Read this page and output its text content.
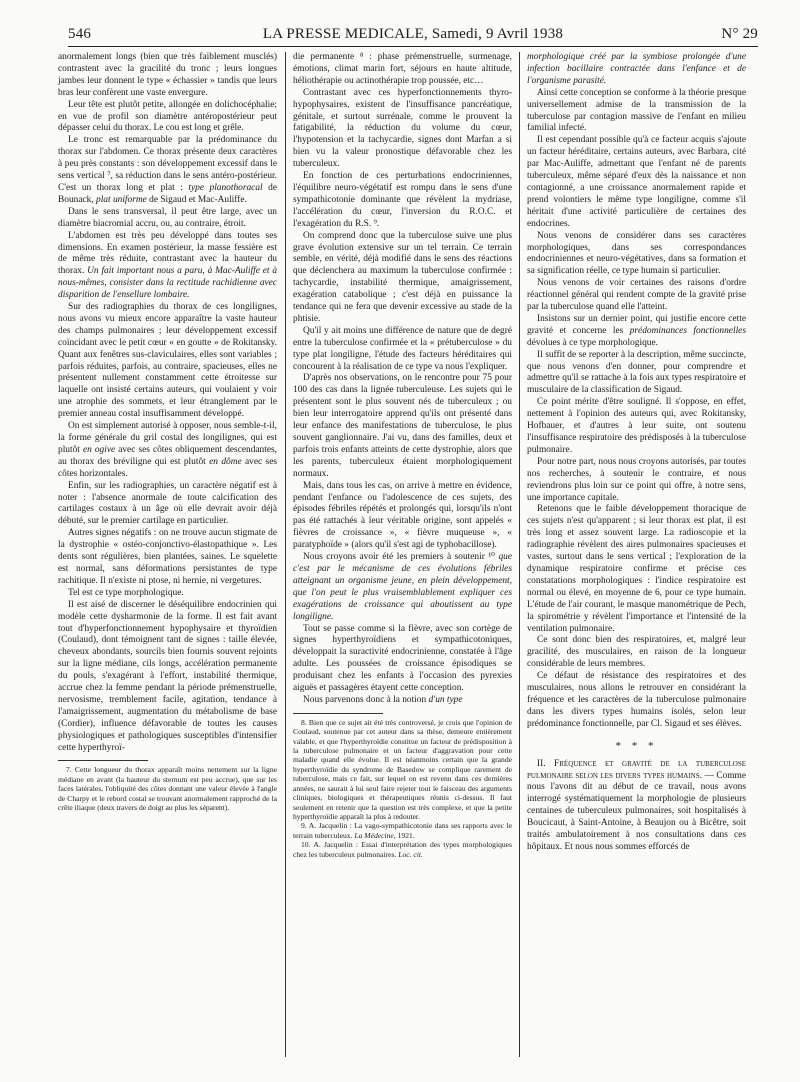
546	LA PRESSE MEDICALE, Samedi, 9 Avril 1938	N° 29

anormalement longs (bien que très faiblement musclés) contrastent avec la gracilité du tronc ; leurs longues jambes leur donnent le type « échassier » tandis que leurs bras leur confèrent une vaste envergure.

Leur tête est plutôt petite, allongée en dolichocéphalie; en vue de profil son diamètre antéropostérieur peut dépasser celui du thorax. Le cou est long et grêle.

Le tronc est remarquable par la prédominance du thorax sur l'abdomen. Ce thorax présente deux caractères à peu près constants : son développement excessif dans le sens vertical ⁷, sa réduction dans le sens antéro-postérieur. C'est un thorax long et plat : type planothoracal de Bounack, plat uniforme de Sigaud et Mac-Auliffe.

Dans le sens transversal, il peut être large, avec un diamètre biacromial accru, ou, au contraire, étroit.

L'abdomen est très peu développé dans toutes ses dimensions. En examen postérieur, la masse fessière est de même très réduite, contrastant avec la hauteur du thorax. Un fait important nous a paru, à Mac-Auliffe et à nous-mêmes, consister dans la rectitude rachidienne avec disparition de l'ensellure lombaire.

Sur des radiographies du thorax de ces longilignes, nous avons vu mieux encore apparaître la vaste hauteur des champs pulmonaires ; leur développement excessif coïncidant avec le petit cœur « en goutte » de Rokitansky. Quant aux fenêtres sus-claviculaires, elles sont variables ; parfois réduites, parfois, au contraire, spacieuses, elles ne présentent nullement constamment cette étroitesse sur laquelle ont insisté certains auteurs, qui voulaient y voir une atrophie des sommets, et leur étranglement par le premier anneau costal insuffisamment développé.

On est simplement autorisé à opposer, nous semble-t-il, la forme générale du gril costal des longilignes, qui est plutôt en ogive avec ses côtes obliquement descendantes, au thorax des bréviligne qui est plutôt en dôme avec ses côtes horizontales.

Enfin, sur les radiographies, un caractère négatif est à noter : l'absence anormale de toute calcification des cartilages costaux à un âge où elle devrait avoir déjà débuté, sur le premier cartilage en particulier.

Autres signes négatifs : on ne trouve aucun stigmate de la dystrophie « ostéo-conjonctivo-élastopathique ». Les dents sont régulières, bien plantées, saines. Le squelette est normal, sans déformations persistantes de type rachitique. Il n'existe ni ptose, ni hernie, ni vergetures.

Tel est ce type morphologique.

Il est aisé de discerner le déséquilibre endocrinien qui modèle cette dysharmonie de la forme. Il est fait avant tout d'hyperfonctionnement hypophysaire et thyroïdien (Coulaud), dont témoignent tant de signes : taille élevée, cheveux abondants, sourcils bien fournis souvent rejoints sur la ligne médiane, cils longs, accélération permanente du pouls, s'exagérant à l'effort, instabilité thermique, accrue chez la femme pendant la période prémenstruelle, nervosisme, tremblement facile, agitation, tendance à l'amaigrissement, augmentation du métabolisme de base (Cordier), influence défavorable de toutes les causes physiologiques et pathologiques susceptibles d'intensifier cette hyperthyroï-

7. Cette longueur du thorax apparaît moins nettement sur la ligne médiane en avant (la hauteur du sternum est peu accrue), que sur les faces latérales, l'obliquité des côtes donnant une valeur élevée à l'angle de Charpy et le rebord costal se trouvant anormalement rapproché de la crête iliaque (deux travers de doigt au plus les séparent).

die permanente ⁸ : phase prémenstruelle, surmenage, émotions, climat marin fort, séjours en haute altitude, héliothérapie ou actinothérapie trop poussée, etc…

Contrastant avec ces hyperfonctionnements thyro-hypophysaires, existent de l'insuffisance pancréatique, génitale, et surtout surrénale, comme le prouvent la fatigabilité, la réduction du volume du cœur, l'hypotension et la tachycardie, signes dont Marfan a si bien vu la valeur pronostique défavorable chez les tuberculeux.

En fonction de ces perturbations endocriniennes, l'équilibre neuro-végétatif est rompu dans le sens d'une sympathicotonie dominante que révèlent la mydriase, l'accélération du cœur, l'inversion du R.O.C. et l'exagération du R.S. ⁹.

On comprend donc que la tuberculose suive une plus grave évolution extensive sur un tel terrain. Ce terrain semble, en vérité, déjà modifié dans le sens des réactions que déclenchera au maximum la tuberculose confirmée : tachycardie, instabilité thermique, amaigrissement, exagération catabolique ; c'est déjà en puissance la tendance qui ne fera que devenir excessive au stade de la phtisie.

Qu'il y ait moins une différence de nature que de degré entre la tuberculose confirmée et la « prétuberculose » du type plat longiligne, l'étude des facteurs héréditaires qui concourent à la réalisation de ce type va nous l'expliquer.

D'après nos observations, on le rencontre pour 75 pour 100 des cas dans la lignée tuberculeuse. Les sujets qui le présentent sont le plus souvent nés de tuberculeux ; ou bien leur interrogatoire apprend qu'ils ont présenté dans leur enfance des manifestations de tuberculose, le plus souvent ganglionnaire. J'ai vu, dans des familles, deux et parfois trois enfants atteints de cette dystrophie, alors que les parents, tuberculeux étaient morphologiquement normaux.

Mais, dans tous les cas, on arrive à mettre en évidence, pendant l'enfance ou l'adolescence de ces sujets, des épisodes fébriles répétés et prolongés qui, lorsqu'ils n'ont pas été rattachés à leur véritable origine, sont appelés « fièvres de croissance », « fièvre muqueuse », « paratyphoïde » (alors qu'il s'est agi de typhobacillose).

Nous croyons avoir été les premiers à soutenir ¹⁰ que c'est par le mécanisme de ces évolutions fébriles atteignant un organisme jeune, en plein développement, que l'on peut le plus vraisemblablement expliquer ces exagérations de croissance qui aboutissent au type longiligne.

Tout se passe comme si la fièvre, avec son cortège de signes hyperthyroïdiens et sympathicotoniques, développait la suractivité endocrinienne, constatée à l'âge adulte. Les poussées de croissance épisodiques se produisant chez les enfants à l'occasion des pyrexies aiguës et passagères étayent cette conception.

Nous parvenons donc à la notion d'un type

8. Bien que ce sujet ait été très controversé, je crois que l'opinion de Coulaud, soutenue par cet auteur dans sa thèse, demeure entièrement valable, et que l'hyperthyroïdie constitue un facteur de prédisposition à la tuberculose pulmonaire et un facteur d'aggravation pour cette maladie quand elle évolue. Il est néanmoins certain que la grande hyperthyroïdie du syndrome de Basedow se complique rarement de tuberculose, mais ce fait, sur lequel on est revenu dans ces dernières années, ne saurait à lui seul faire rejeter tout le faisceau des arguments cliniques, biologiques et thérapeutiques réunis ci-dessus. Il faut seulement en retenir que la question est très complexe, et que la petite hyperthyroïdie apparaît la plus à redouter.

9. A. Jacquelin : La vago-sympathicotonie dans ses rapports avec le terrain tuberculeux. La Médecine, 1921.

10. A. Jacquelin : Essai d'interprétation des types morphologiques chez les tuberculeux pulmonaires. Loc. cit.

morphologique créé par la symbiose prolongée d'une infection bacillaire contractée dans l'enfance et de l'organisme parasité.

Ainsi cette conception se conforme à la théorie presque universellement admise de la transmission de la tuberculose par contagion massive de l'enfant en milieu familial infecté.

Il est cependant possible qu'à ce facteur acquis s'ajoute un facteur héréditaire, certains auteurs, avec Barbara, cité par Mac-Auliffe, admettant que l'enfant né de parents tuberculeux, même séparé d'eux dès la naissance et non contagionné, a une croissance anormalement rapide et prend volontiers le même type longiligne, comme s'il héritait d'une activité particulière de certaines des endocrines.

Nous venons de considérer dans ses caractères morphologiques, dans ses correspondances endocriniennes et neuro-végétatives, dans sa formation et sa signification réelle, ce type humain si particulier.

Nous venons de voir certaines des raisons d'ordre réactionnel général qui rendent compte de la gravité prise par la tuberculose quand elle l'atteint.

Insistons sur un dernier point, qui justifie encore cette gravité et concerne les prédominances fonctionnelles dévolues à ce type morphologique.

Il suffit de se reporter à la description, même succincte, que nous venons d'en donner, pour comprendre et admettre qu'il se rattache à la fois aux types respiratoire et musculaire de la classification de Sigaud.

Ce point mérite d'être souligné. Il s'oppose, en effet, nettement à l'opinion des auteurs qui, avec Rokitansky, Hofbauer, et d'autres à leur suite, ont soutenu l'insuffisance respiratoire des prédisposés à la tuberculose pulmonaire.

Pour notre part, nous nous croyons autorisés, par toutes nos recherches, à soutenir le contraire, et nous reviendrons plus loin sur ce point qui offre, à notre sens, une importance capitale.

Retenons que le faible développement thoracique de ces sujets n'est qu'apparent ; si leur thorax est plat, il est très long et assez souvent large. La radioscopie et la radiographie révèlent des aires pulmonaires spacieuses et vastes, surtout dans le sens vertical ; l'exploration de la dynamique respiratoire confirme et précise ces constatations morphologiques : l'indice respiratoire est normal ou élevé, en moyenne de 6, pour ce type humain. L'étude de l'air courant, le masque manométrique de Pech, la spirométrie y révèlent l'importance et l'intensité de la ventilation pulmonaire.

Ce sont donc bien des respiratoires, et, malgré leur gracilité, des musculaires, en raison de la longueur considérable de leurs membres.

Ce défaut de résistance des respiratoires et des musculaires, nous allons le retrouver en considérant la fréquence et les caractères de la tuberculose pulmonaire dans les divers types humains isolés, selon leur prédominance fonctionnelle, par Cl. Sigaud et ses élèves.

* * *

II. Fréquence et gravité de la tuberculose pulmonaire selon les divers types humains. — Comme nous l'avons dit au début de ce travail, nous avons interrogé systématiquement la morphologie de plusieurs centaines de tuberculeux pulmonaires, soit hospitalisés à Boucicaut, à Saint-Antoine, à Beaujon ou à Bicêtre, soit traités ambulatoirement à nos consultations dans ces hôpitaux. Et nous nous sommes efforcés de
